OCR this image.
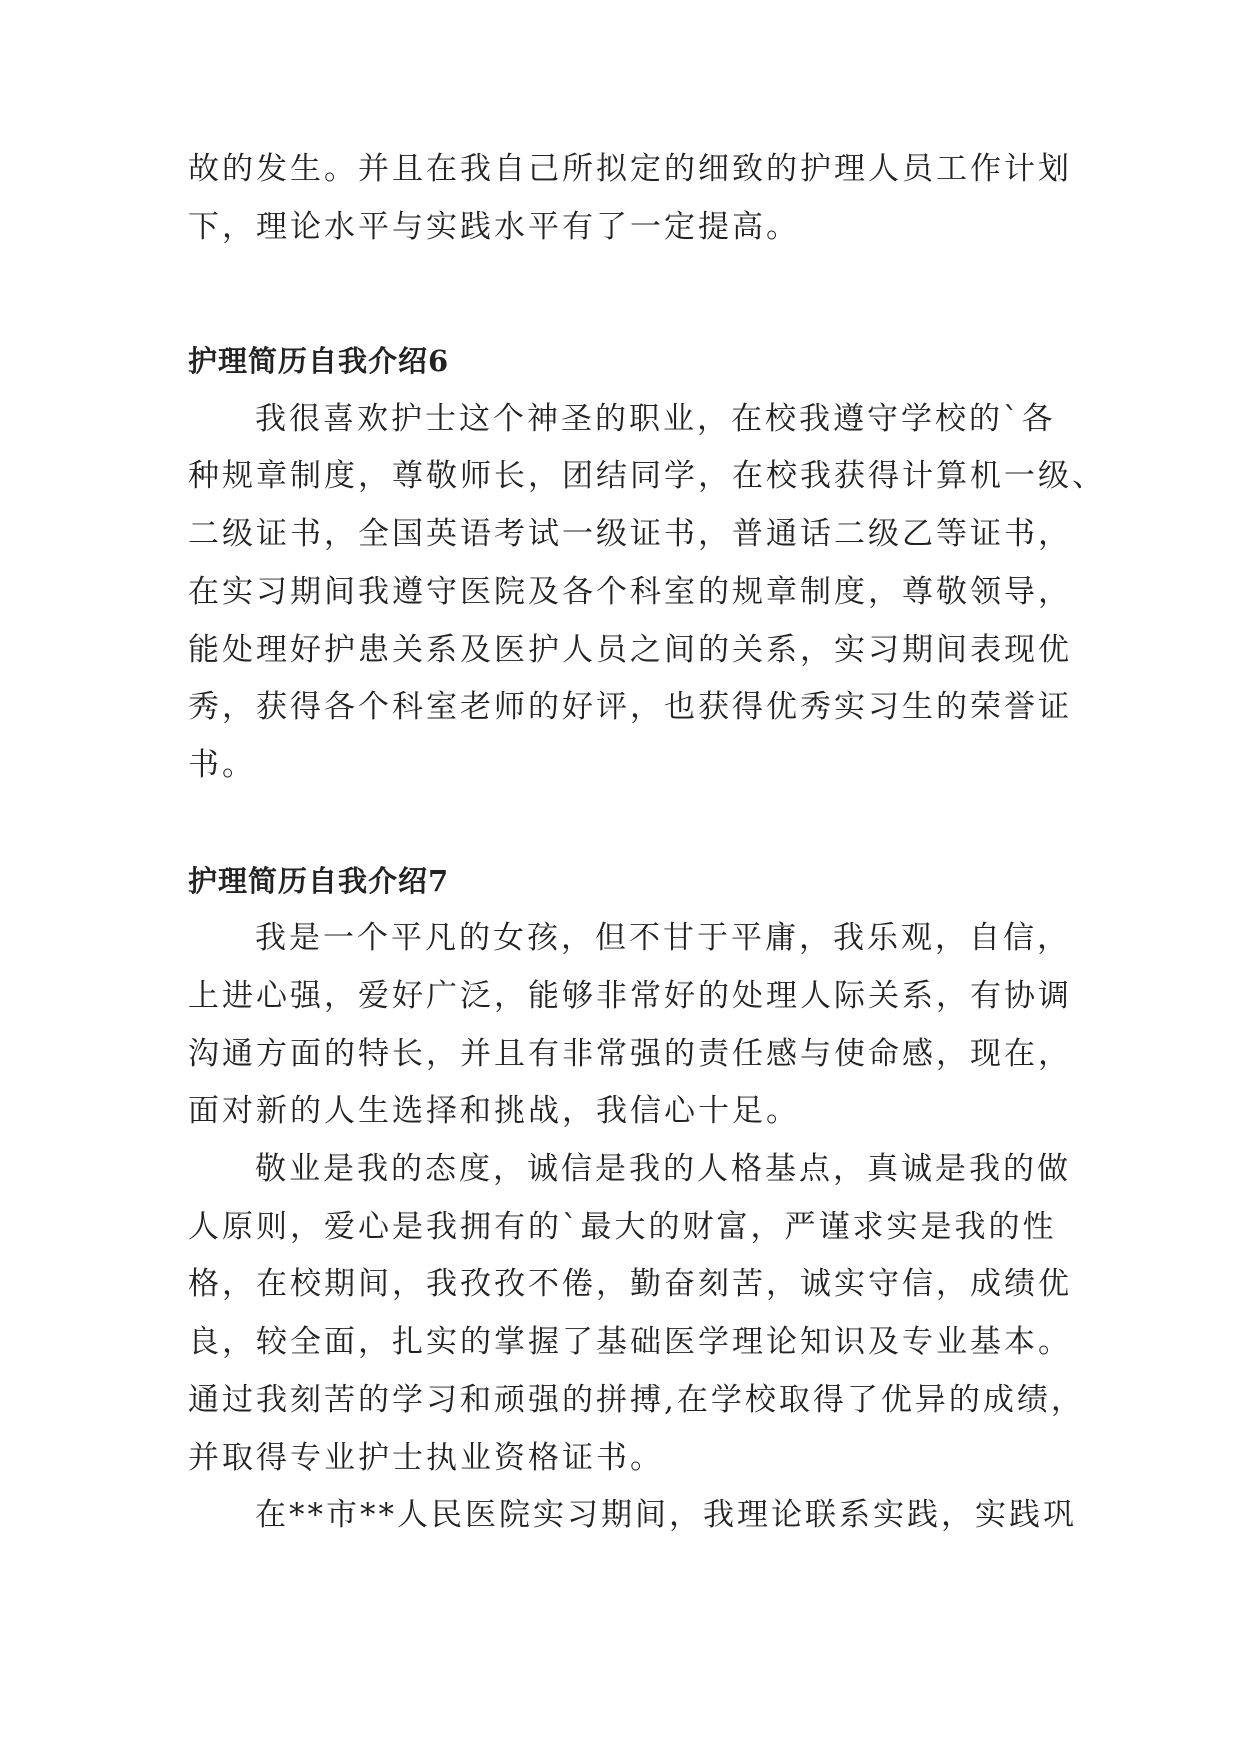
故的发生。并且在我自己所拟定的细致的护理人员工作计划

下，理论水平与实践水平有了一定提高。

护理简历自我介绍6

我很喜欢护士这个神圣的职业，在校我遵守学校的`各

种规章制度，尊敬师长，团结同学，在校我获得计算机一级、

二级证书，全国英语考试一级证书，普通话二级乙等证书，

在实习期间我遵守医院及各个科室的规章制度，尊敬领导，

能处理好护患关系及医护人员之间的关系，实习期间表现优

秀，获得各个科室老师的好评，也获得优秀实习生的荣誉证

书。

护理简历自我介绍7

我是一个平凡的女孩，但不甘于平庸，我乐观，自信，

上进心强，爱好广泛，能够非常好的处理人际关系，有协调

沟通方面的特长，并且有非常强的责任感与使命感，现在，

面对新的人生选择和挑战，我信心十足。

敬业是我的态度，诚信是我的人格基点，真诚是我的做

人原则，爱心是我拥有的`最大的财富，严谨求实是我的性

格，在校期间，我孜孜不倦，勤奋刻苦，诚实守信，成绩优

良，较全面，扎实的掌握了基础医学理论知识及专业基本。

通过我刻苦的学习和顽强的拼搏,在学校取得了优异的成绩，

并取得专业护士执业资格证书。

在**市**人民医院实习期间，我理论联系实践，实践巩
